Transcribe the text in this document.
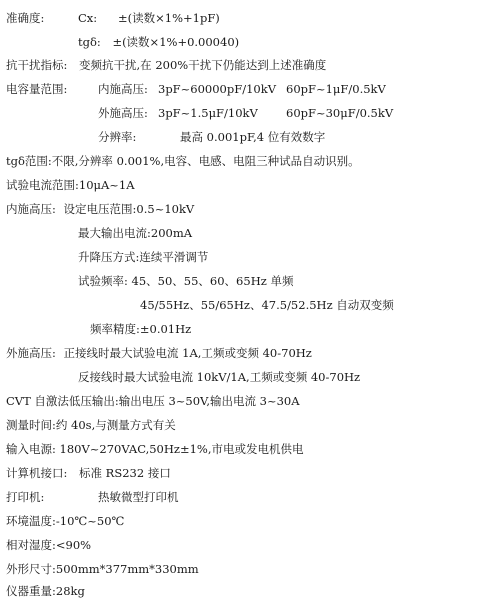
准确度:	Cx: ±(读数×1%+1pF)
tgδ: ±(读数×1%+0.00040)
抗干扰指标: 变频抗干扰,在 200%干扰下仍能达到上述准确度
电容量范围:	内施高压: 3pF~60000pF/10kV 60pF~1μF/0.5kV
外施高压: 3pF~1.5μF/10kV 60pF~30μF/0.5kV
分辨率:	最高 0.001pF,4 位有效数字
tgδ范围:不限,分辨率 0.001%,电容、电感、电阻三种试品自动识别。
试验电流范围:10μA~1A
内施高压: 设定电压范围:0.5~10kV
最大输出电流:200mA
升降压方式:连续平滑调节
试验频率: 45、50、55、60、65Hz 单频
45/55Hz、55/65Hz、47.5/52.5Hz 自动双变频
频率精度:±0.01Hz
外施高压: 正接线时最大试验电流 1A,工频或变频 40-70Hz
反接线时最大试验电流 10kV/1A,工频或变频 40-70Hz
CVT 自激法低压输出:输出电压 3~50V,输出电流 3~30A
测量时间:约 40s,与测量方式有关
输入电源: 180V~270VAC,50Hz±1%,市电或发电机供电
计算机接口: 标准 RS232 接口
打印机:	热敏微型打印机
环境温度:-10℃~50℃
相对湿度:<90%
外形尺寸:500mm*377mm*330mm
仪器重量:28kg
